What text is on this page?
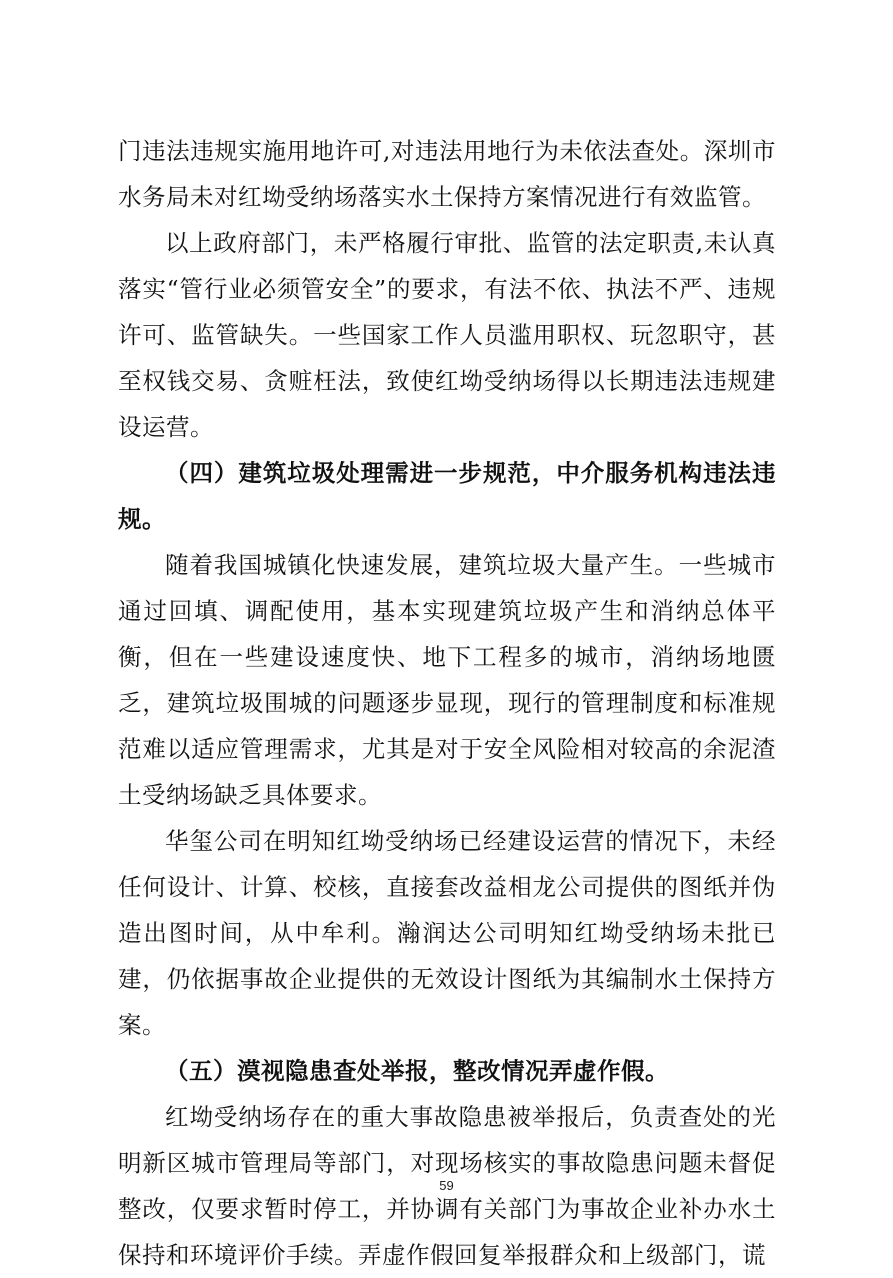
门违法违规实施用地许可,对违法用地行为未依法查处。深圳市水务局未对红坳受纳场落实水土保持方案情况进行有效监管。

以上政府部门，未严格履行审批、监管的法定职责,未认真落实“管行业必须管安全”的要求，有法不依、执法不严、违规许可、监管缺失。一些国家工作人员滥用职权、玩忽职守，甚至权钱交易、贪赃枉法，致使红坳受纳场得以长期违法违规建设运营。

（四）建筑垃圾处理需进一步规范，中介服务机构违法违规。

随着我国城镇化快速发展，建筑垃圾大量产生。一些城市通过回填、调配使用，基本实现建筑垃圾产生和消纳总体平衡，但在一些建设速度快、地下工程多的城市，消纳场地匮乏，建筑垃圾围城的问题逐步显现，现行的管理制度和标准规范难以适应管理需求，尤其是对于安全风险相对较高的余泥渣土受纳场缺乏具体要求。

华玺公司在明知红坳受纳场已经建设运营的情况下，未经任何设计、计算、校核，直接套改益相龙公司提供的图纸并伪造出图时间，从中牟利。瀚润达公司明知红坳受纳场未批已建，仍依据事故企业提供的无效设计图纸为其编制水土保持方案。

（五）漠视隐患查处举报，整改情况弄虚作假。

红坳受纳场存在的重大事故隐患被举报后，负责查处的光明新区城市管理局等部门，对现场核实的事故隐患问题未督促整改，仅要求暂时停工，并协调有关部门为事故企业补办水土保持和环境评价手续。弄虚作假回复举报群众和上级部门，谎

59
